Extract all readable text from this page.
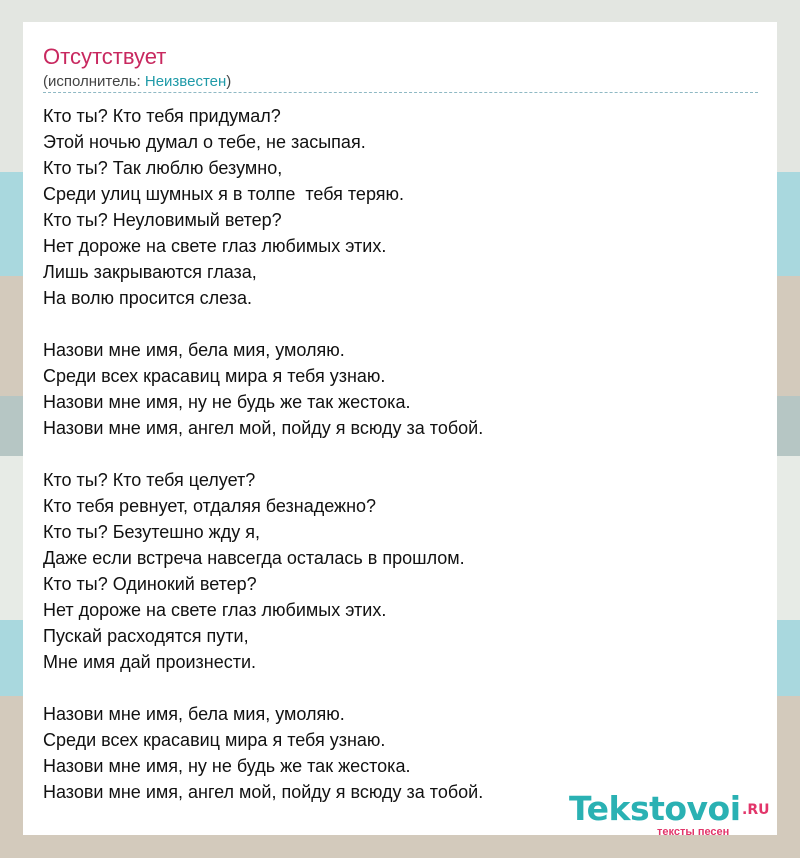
Отсутствует
(исполнитель: Неизвестен)
Кто ты? Кто тебя придумал?
Этой ночью думал о тебе, не засыпая.
Кто ты? Так люблю безумно,
Среди улиц шумных я в толпе  тебя теряю.
Кто ты? Неуловимый ветер?
Нет дороже на свете глаз любимых этих.
Лишь закрываются глаза,
На волю просится слеза.

Назови мне имя, бела мия, умоляю.
Среди всех красавиц мира я тебя узнаю.
Назови мне имя, ну не будь же так жестока.
Назови мне имя, ангел мой, пойду я всюду за тобой.

Кто ты? Кто тебя целует?
Кто тебя ревнует, отдаляя безнадежно?
Кто ты? Безутешно жду я,
Даже если встреча навсегда осталась в прошлом.
Кто ты? Одинокий ветер?
Нет дороже на свете глаз любимых этих.
Пускай расходятся пути,
Мне имя дай произнести.

Назови мне имя, бела мия, умоляю.
Среди всех красавиц мира я тебя узнаю.
Назови мне имя, ну не будь же так жестока.
Назови мне имя, ангел мой, пойду я всюду за тобой.	Tekstovoi .RU
тексты песен
